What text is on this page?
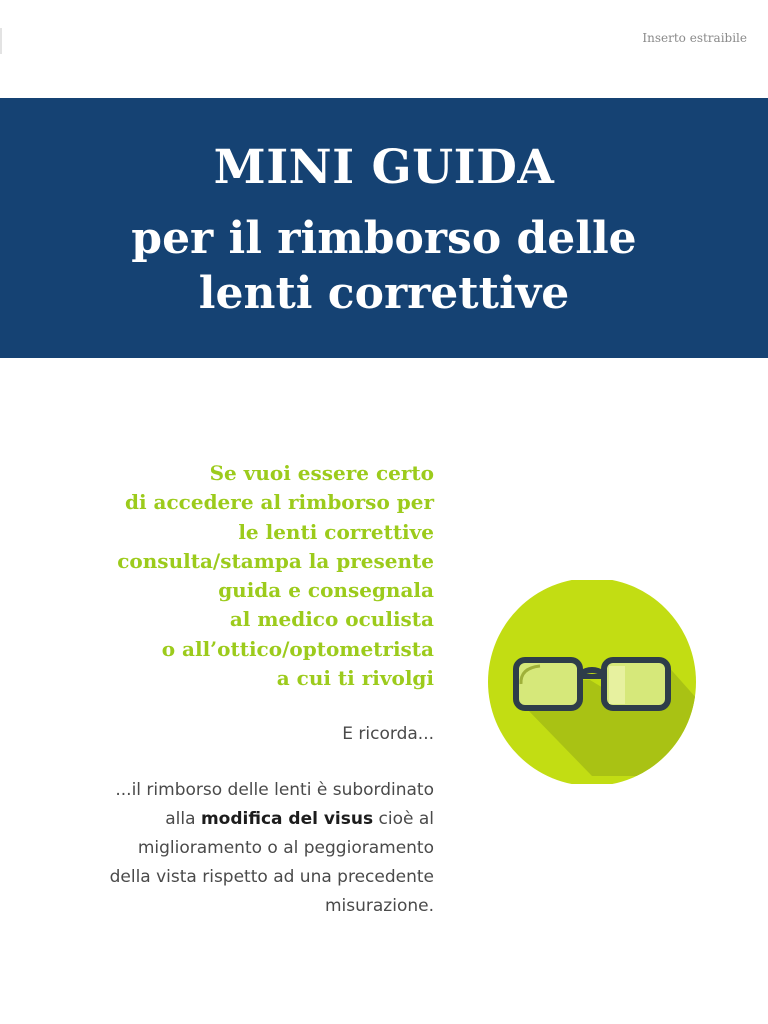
Inserto estraibile
MINI GUIDA
per il rimborso delle
lenti correttive
Se vuoi essere certo
di accedere al rimborso per
le lenti correttive
consulta/stampa la presente
guida e consegnala
al medico oculista
o all’ottico/optometrista
a cui ti rivolgi
E ricorda...
...il rimborso delle lenti è subordinato
alla modifica del visus cioè al
miglioramento o al peggioramento
della vista rispetto ad una precedente
misurazione.
